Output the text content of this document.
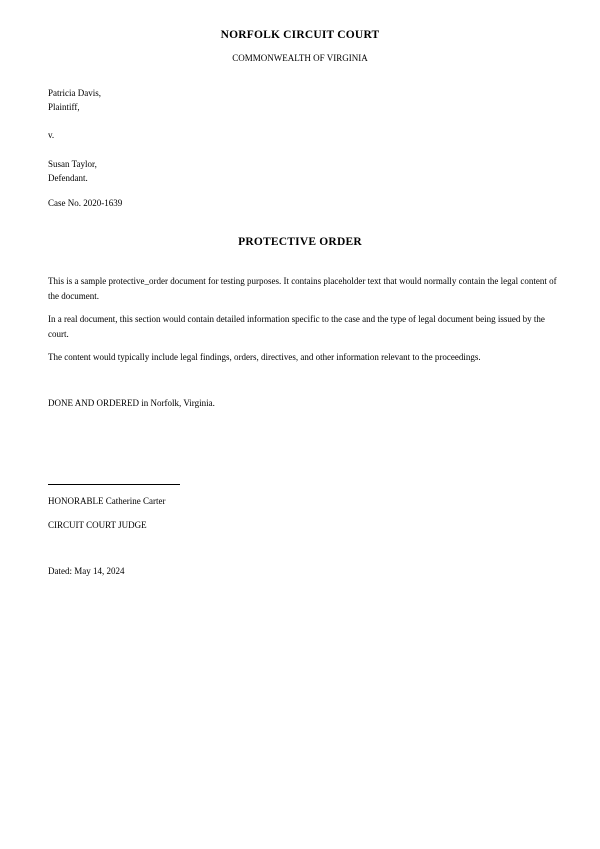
NORFOLK CIRCUIT COURT
COMMONWEALTH OF VIRGINIA
Patricia Davis,
Plaintiff,
v.
Susan Taylor,
Defendant.
Case No. 2020-1639
PROTECTIVE ORDER
This is a sample protective_order document for testing purposes. It contains placeholder text that would normally contain the legal content of the document.
In a real document, this section would contain detailed information specific to the case and the type of legal document being issued by the court.
The content would typically include legal findings, orders, directives, and other information relevant to the proceedings.
DONE AND ORDERED in Norfolk, Virginia.
HONORABLE Catherine Carter
CIRCUIT COURT JUDGE
Dated: May 14, 2024
